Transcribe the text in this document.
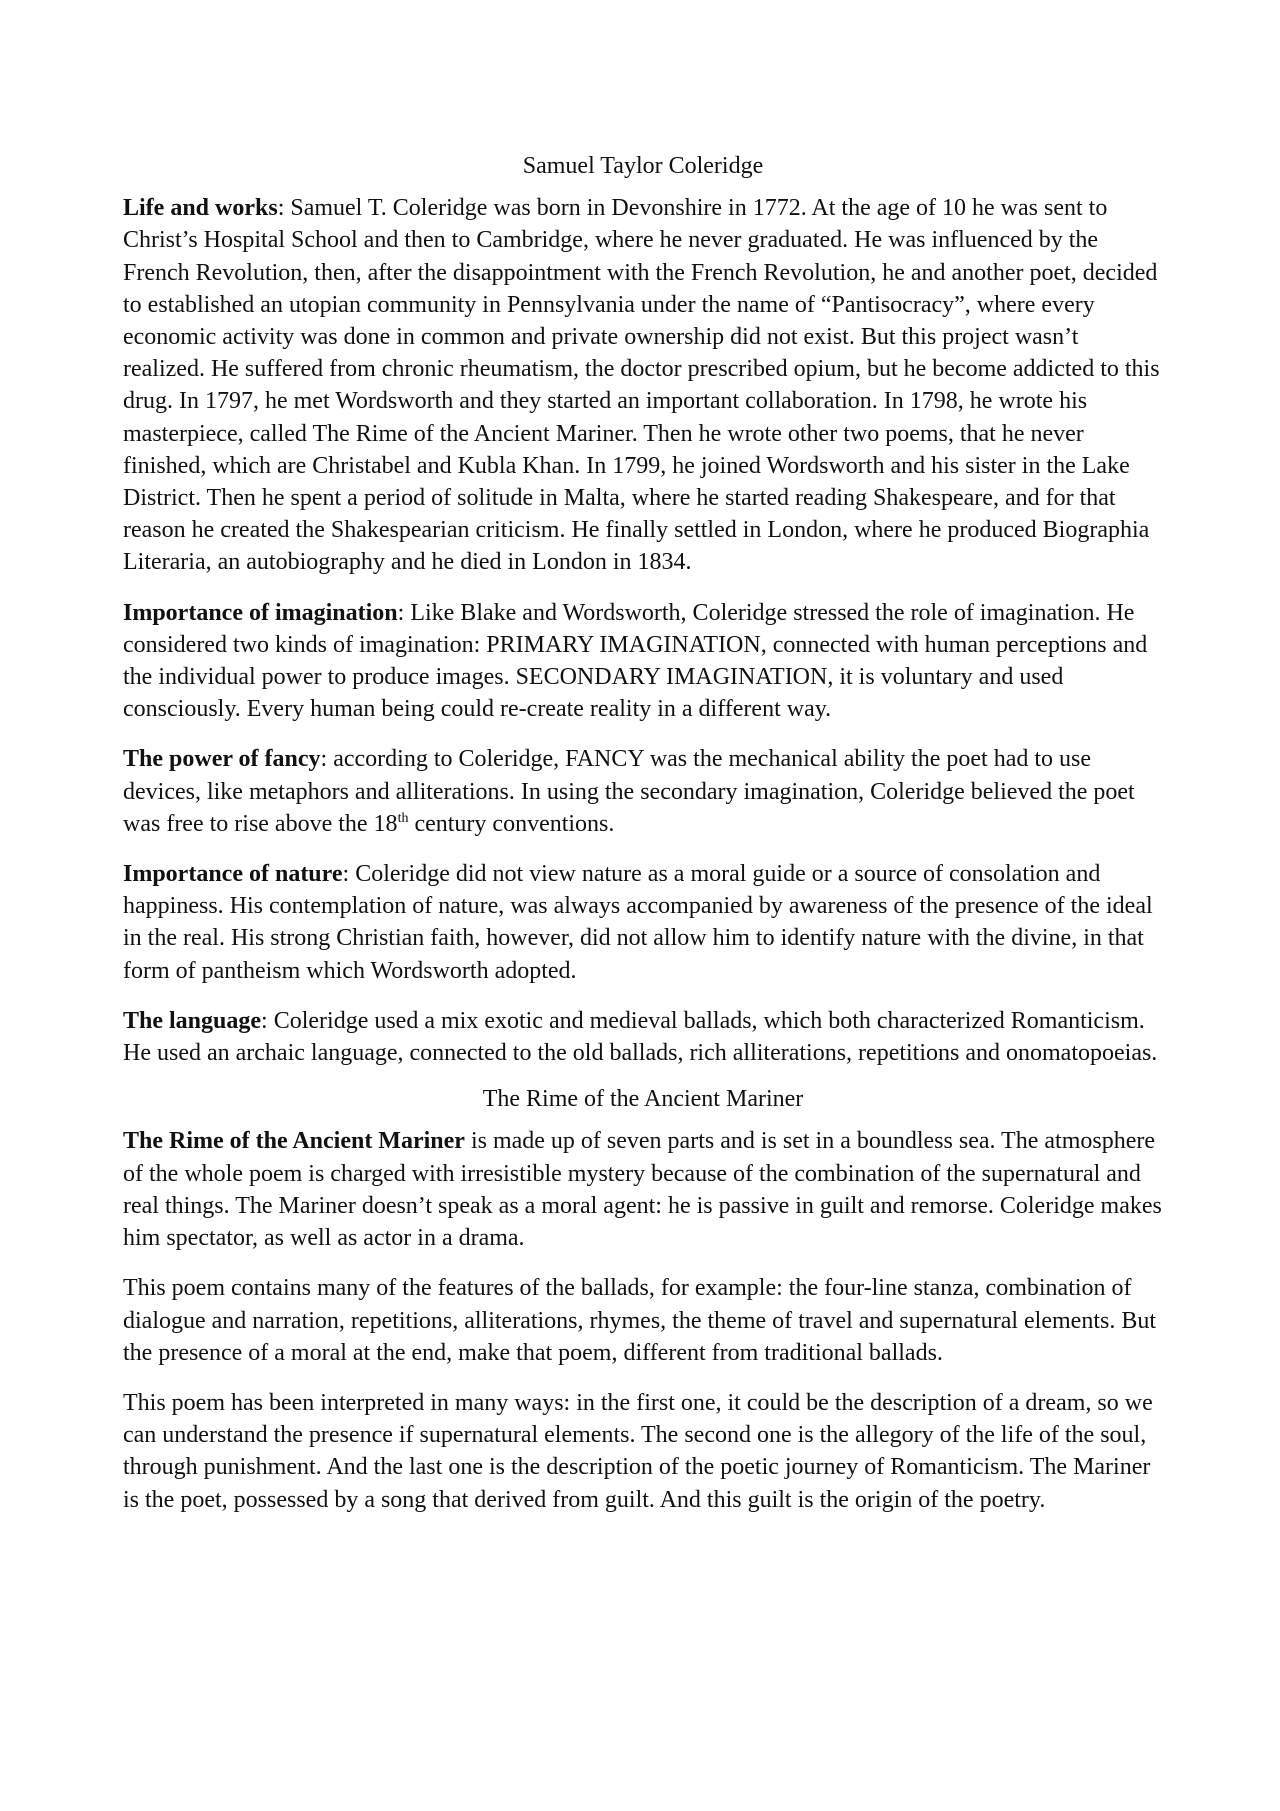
Samuel Taylor Coleridge

Life and works: Samuel T. Coleridge was born in Devonshire in 1772. At the age of 10 he was sent to Christ’s Hospital School and then to Cambridge, where he never graduated. He was influenced by the French Revolution, then, after the disappointment with the French Revolution, he and another poet, decided to established an utopian community in Pennsylvania under the name of “Pantisocracy”, where every economic activity was done in common and private ownership did not exist. But this project wasn’t realized. He suffered from chronic rheumatism, the doctor prescribed opium, but he become addicted to this drug. In 1797, he met Wordsworth and they started an important collaboration. In 1798, he wrote his masterpiece, called The Rime of the Ancient Mariner. Then he wrote other two poems, that he never finished, which are Christabel and Kubla Khan. In 1799, he joined Wordsworth and his sister in the Lake District. Then he spent a period of solitude in Malta, where he started reading Shakespeare, and for that reason he created the Shakespearian criticism. He finally settled in London, where he produced Biographia Literaria, an autobiography and he died in London in 1834.

Importance of imagination: Like Blake and Wordsworth, Coleridge stressed the role of imagination. He considered two kinds of imagination: PRIMARY IMAGINATION, connected with human perceptions and the individual power to produce images. SECONDARY IMAGINATION, it is voluntary and used consciously. Every human being could re-create reality in a different way.

The power of fancy: according to Coleridge, FANCY was the mechanical ability the poet had to use devices, like metaphors and alliterations. In using the secondary imagination, Coleridge believed the poet was free to rise above the 18th century conventions.

Importance of nature: Coleridge did not view nature as a moral guide or a source of consolation and happiness. His contemplation of nature, was always accompanied by awareness of the presence of the ideal in the real. His strong Christian faith, however, did not allow him to identify nature with the divine, in that form of pantheism which Wordsworth adopted.

The language: Coleridge used a mix exotic and medieval ballads, which both characterized Romanticism. He used an archaic language, connected to the old ballads, rich alliterations, repetitions and onomatopoeias.

The Rime of the Ancient Mariner

The Rime of the Ancient Mariner is made up of seven parts and is set in a boundless sea. The atmosphere of the whole poem is charged with irresistible mystery because of the combination of the supernatural and real things. The Mariner doesn’t speak as a moral agent: he is passive in guilt and remorse. Coleridge makes him spectator, as well as actor in a drama.

This poem contains many of the features of the ballads, for example: the four-line stanza, combination of dialogue and narration, repetitions, alliterations, rhymes, the theme of travel and supernatural elements. But the presence of a moral at the end, make that poem, different from traditional ballads.

This poem has been interpreted in many ways: in the first one, it could be the description of a dream, so we can understand the presence if supernatural elements. The second one is the allegory of the life of the soul, through punishment. And the last one is the description of the poetic journey of Romanticism. The Mariner is the poet, possessed by a song that derived from guilt. And this guilt is the origin of the poetry.
